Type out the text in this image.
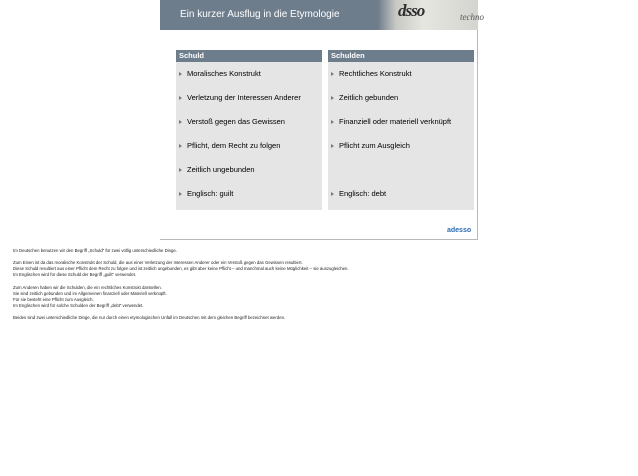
Ein kurzer Ausflug in die Etymologie	dsso	techno
Schuld
Moralisches Konstrukt
Verletzung der Interessen Anderer
Verstoß gegen das Gewissen
Pflicht, dem Recht zu folgen
Zeitlich ungebunden
Englisch: guilt
Schulden
Rechtliches Konstrukt
Zeitlich gebunden
Finanziell oder materiell verknüpft
Pflicht zum Ausgleich
Englisch: debt
adesso
Im Deutschen benutzen wir den Begriff „Schuld“ für zwei völlig unterschiedliche Dinge.
Zum Einen ist da das moralische Konstrukt der Schuld, die aus einer Verletzung der Interessen Anderer oder ein Verstoß gegen das Gewissen resultiert.
Diese Schuld resultiert aus einer Pflicht dem Recht zu folgen und ist zeitlich ungebunden, es gibt aber keine Pflicht – und manchmal auch keine Möglichkeit – sie auszugleichen.
Im Englischen wird für diese Schuld der Begriff „guilt“ verwendet.
Zum Anderen haben wir die Schulden, die ein rechtliches Konstrukt darstellen.
Sie sind zeitlich gebunden und im Allgemeinen finanziell oder Materiell verknüpft.
Für sie besteht eine Pflicht zum Ausgleich.
Im Englischen wird für solche Schulden der Begriff „debt“ verwendet.
Beides sind zwei unterschiedliche Dinge, die nur durch einen etymologischen Unfall im Deutschen mit dem gleichen Begriff bezeichnet werden.
